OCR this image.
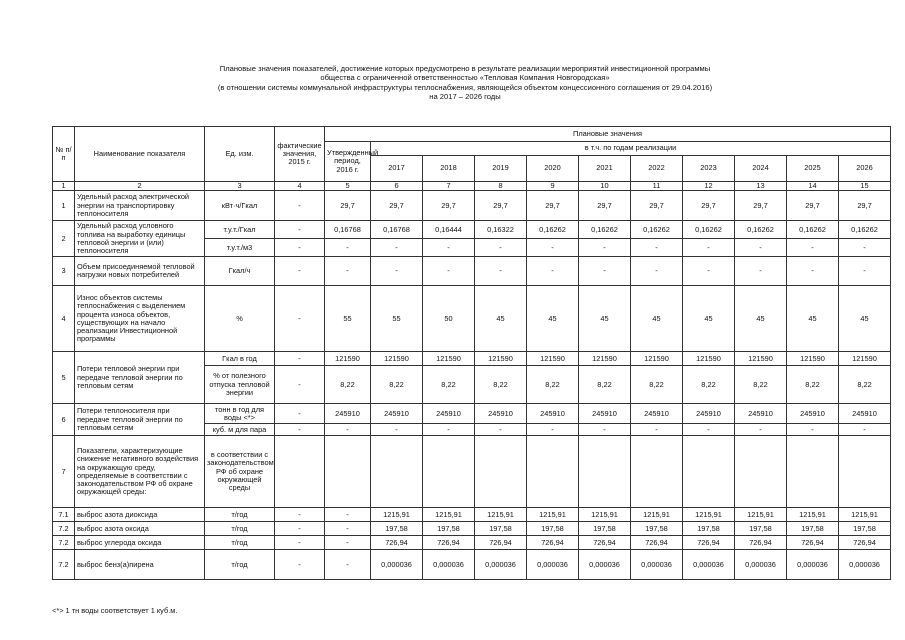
Плановые значения показателей, достижение которых предусмотрено в результате реализации мероприятий инвестиционной программы
общества с ограниченной ответственностью «Тепловая Компания Новгородская»
(в отношении системы коммунальной инфраструктуры теплоснабжения, являющейся объектом концессионного соглашения от 29.04.2016)
на 2017 – 2026 годы
№ п/п	Наименование показателя	Ед. изм.	фактические значения, 2015 г.	Плановые значения										
				Утвержденный период, 2016 г.	в т.ч. по годам реализации									
					2017	2018	2019	2020	2021	2022	2023	2024	2025	2026
1	2	3	4	5	6	7	8	9	10	11	12	13	14	15
1	Удельный расход электрической энергии на транспортировку теплоносителя	кВт·ч/Гкал	-	29,7	29,7	29,7	29,7	29,7	29,7	29,7	29,7	29,7	29,7	29,7
2	Удельный расход условного топлива на выработку единицы тепловой энергии и (или) теплоносителя	т.у.т./Гкал	-	0,16768	0,16768	0,16444	0,16322	0,16262	0,16262	0,16262	0,16262	0,16262	0,16262	0,16262
		т.у.т./м3	-	-	-	-	-	-	-	-	-	-	-	-
3	Объем присоединяемой тепловой нагрузки новых потребителей	Гкал/ч	-	-	-	-	-	-	-	-	-	-	-	-
4	Износ объектов системы теплоснабжения с выделением процента износа объектов, существующих на начало реализации Инвестиционной программы	%	-	55	55	50	45	45	45	45	45	45	45	45
5	Потери тепловой энергии при передаче тепловой энергии по тепловым сетям	Гкал в год	-	121590	121590	121590	121590	121590	121590	121590	121590	121590	121590	121590
		% от полезного отпуска тепловой энергии	-	8,22	8,22	8,22	8,22	8,22	8,22	8,22	8,22	8,22	8,22	8,22
6	Потери теплоносителя при передаче тепловой энергии по тепловым сетям	тонн в год для воды <*>	-	245910	245910	245910	245910	245910	245910	245910	245910	245910	245910	245910
		куб. м для пара	-	-	-	-	-	-	-	-	-	-	-	-
7	Показатели, характеризующие снижение негативного воздействия на окружающую среду, определяемые в соответствии с законодательством РФ об охране окружающей среды:	в соответствии с законодательством РФ об охране окружающей среды												
7.1	выброс азота диоксида	т/год	-	-	1215,91	1215,91	1215,91	1215,91	1215,91	1215,91	1215,91	1215,91	1215,91	1215,91
7.2	выброс азота оксида	т/год	-	-	197,58	197,58	197,58	197,58	197,58	197,58	197,58	197,58	197,58	197,58
7.2	выброс углерода оксида	т/год	-	-	726,94	726,94	726,94	726,94	726,94	726,94	726,94	726,94	726,94	726,94
7.2	выброс бенз(а)пирена	т/год	-	-	0,000036	0,000036	0,000036	0,000036	0,000036	0,000036	0,000036	0,000036	0,000036	0,000036
<*> 1 тн воды соответствует 1 куб.м.
